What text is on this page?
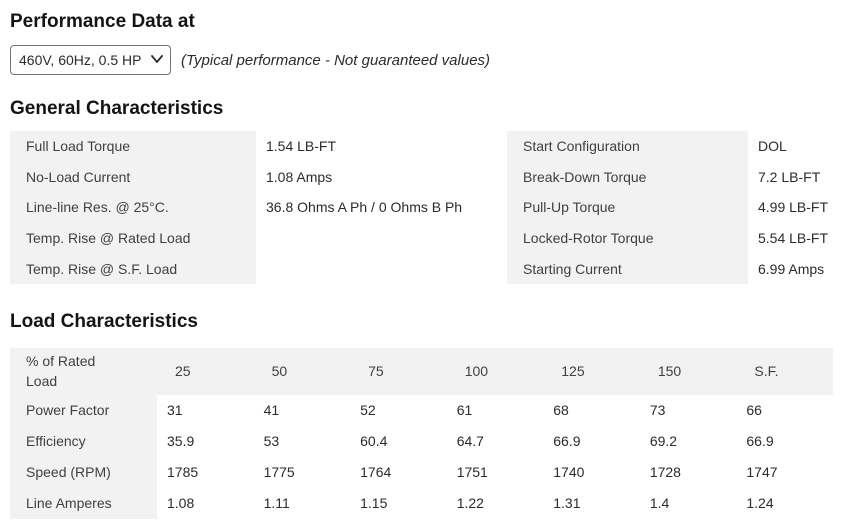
Performance Data at
460V, 60Hz, 0.5 HP
(Typical performance - Not guaranteed values)
General Characteristics
Full Load Torque	1.54 LB-FT
No-Load Current	1.08 Amps
Line-line Res. @ 25°C.	36.8 Ohms A Ph / 0 Ohms B Ph
Temp. Rise @ Rated Load
Temp. Rise @ S.F. Load
Start Configuration	DOL
Break-Down Torque	7.2 LB-FT
Pull-Up Torque	4.99 LB-FT
Locked-Rotor Torque	5.54 LB-FT
Starting Current	6.99 Amps
Load Characteristics
% of Rated Load	25	50	75	100	125	150	S.F.
Power Factor	31	41	52	61	68	73	66
Efficiency	35.9	53	60.4	64.7	66.9	69.2	66.9
Speed (RPM)	1785	1775	1764	1751	1740	1728	1747
Line Amperes	1.08	1.11	1.15	1.22	1.31	1.4	1.24
